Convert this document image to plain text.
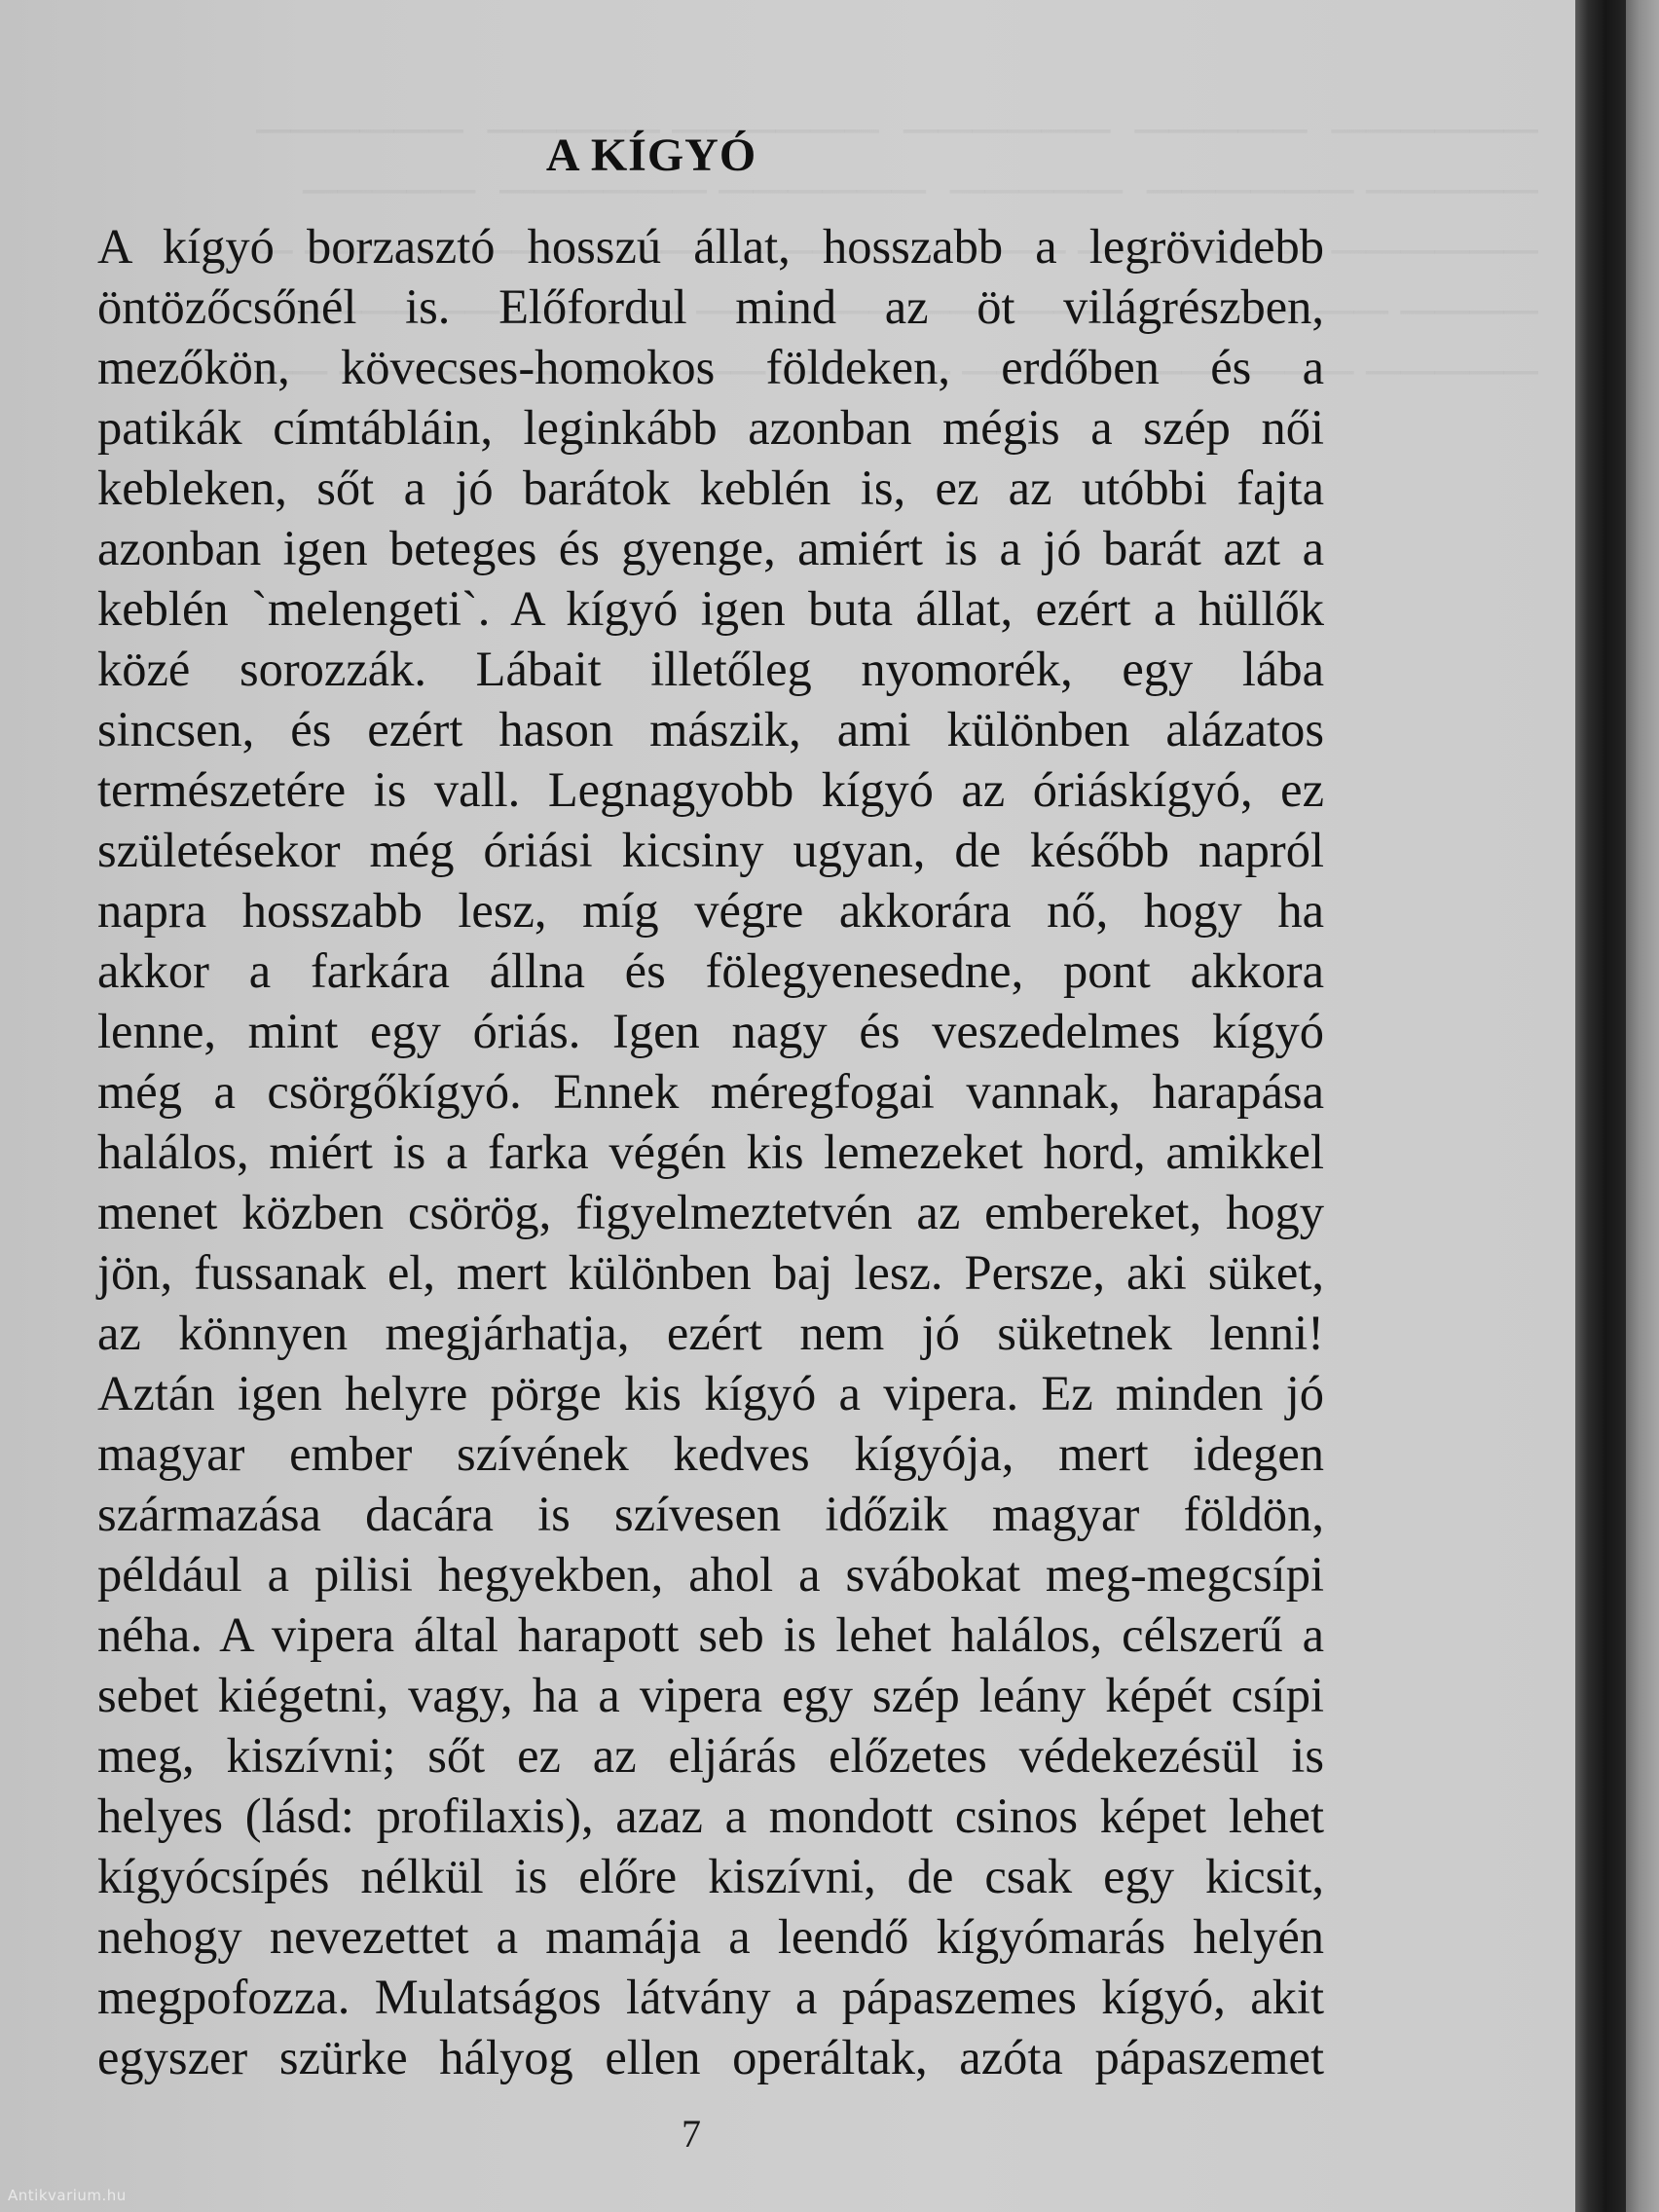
A KÍGYÓ
A kígyó borzasztó hosszú állat, hosszabb a legrövidebb
öntözőcsőnél is. Előfordul mind az öt világrészben,
mezőkön, kövecses-homokos földeken, erdőben és a
patikák címtábláin, leginkább azonban mégis a szép női
kebleken, sőt a jó barátok keblén is, ez az utóbbi fajta
azonban igen beteges és gyenge, amiért is a jó barát azt a
keblén `melengeti`. A kígyó igen buta állat, ezért a hüllők
közé sorozzák. Lábait illetőleg nyomorék, egy lába
sincsen, és ezért hason mászik, ami különben alázatos
természetére is vall. Legnagyobb kígyó az óriáskígyó, ez
születésekor még óriási kicsiny ugyan, de később napról
napra hosszabb lesz, míg végre akkorára nő, hogy ha
akkor a farkára állna és fölegyenesedne, pont akkora
lenne, mint egy óriás. Igen nagy és veszedelmes kígyó
még a csörgőkígyó. Ennek méregfogai vannak, harapása
halálos, miért is a farka végén kis lemezeket hord, amikkel
menet közben csörög, figyelmeztetvén az embereket, hogy
jön, fussanak el, mert különben baj lesz. Persze, aki süket,
az könnyen megjárhatja, ezért nem jó süketnek lenni!
Aztán igen helyre pörge kis kígyó a vipera. Ez minden jó
magyar ember szívének kedves kígyója, mert idegen
származása dacára is szívesen időzik magyar földön,
például a pilisi hegyekben, ahol a svábokat meg-megcsípi
néha. A vipera által harapott seb is lehet halálos, célszerű a
sebet kiégetni, vagy, ha a vipera egy szép leány képét csípi
meg, kiszívni; sőt ez az eljárás előzetes védekezésül is
helyes (lásd: profilaxis), azaz a mondott csinos képet lehet
kígyócsípés nélkül is előre kiszívni, de csak egy kicsit,
nehogy nevezettet a mamája a leendő kígyómarás helyén
megpofozza. Mulatságos látvány a pápaszemes kígyó, akit
egyszer szürke hályog ellen operáltak, azóta pápaszemet
7
Antikvarium.hu
